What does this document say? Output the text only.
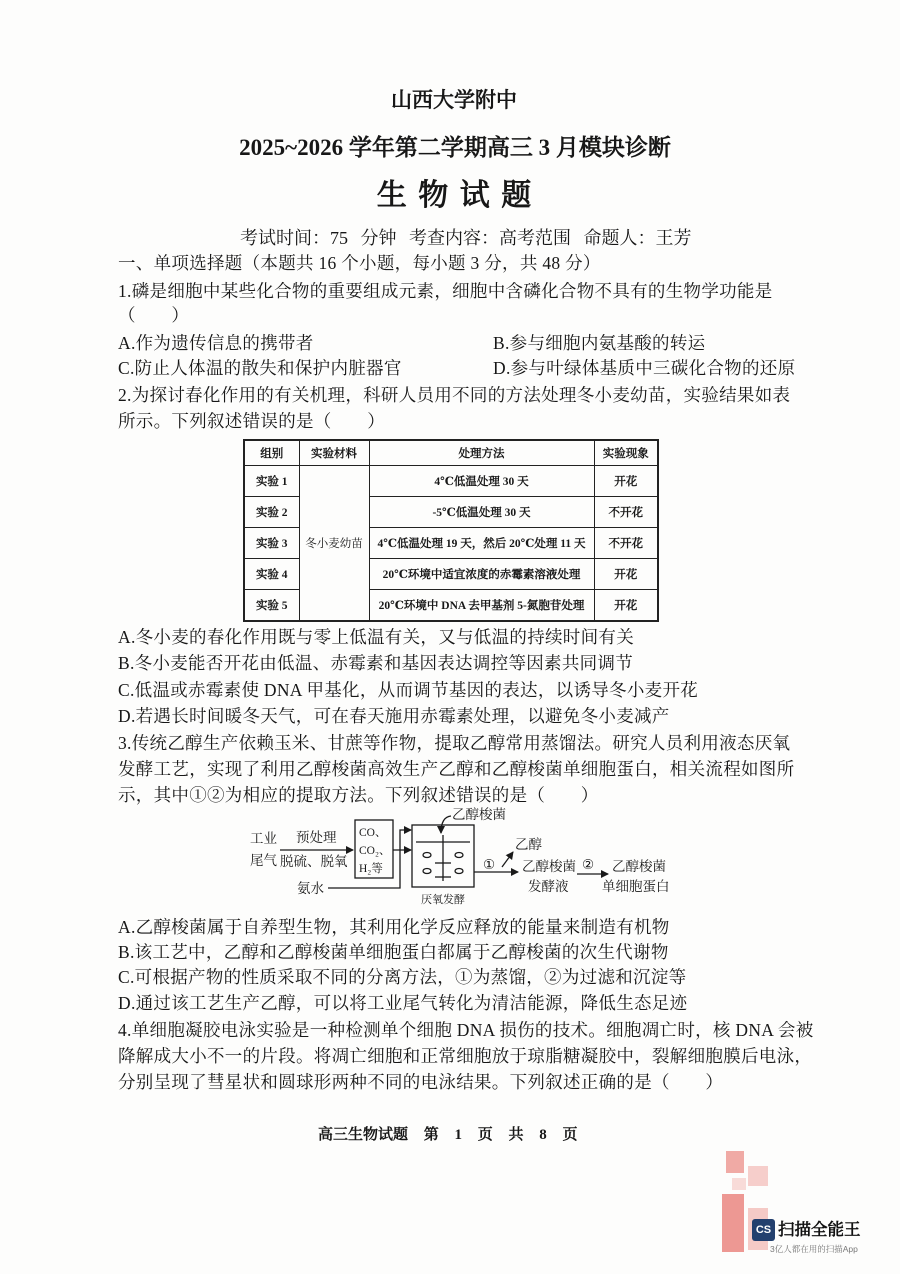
山西大学附中
2025~2026 学年第二学期高三 3 月模块诊断
生 物 试 题
考试时间：75 分钟 考查内容：高考范围 命题人：王芳
一、单项选择题（本题共 16 个小题，每小题 3 分，共 48 分）
1.磷是细胞中某些化合物的重要组成元素，细胞中含磷化合物不具有的生物学功能是
（　　）
A.作为遗传信息的携带者	B.参与细胞内氨基酸的转运
C.防止人体温的散失和保护内脏器官	D.参与叶绿体基质中三碳化合物的还原
2.为探讨春化作用的有关机理，科研人员用不同的方法处理冬小麦幼苗，实验结果如表
所示。下列叙述错误的是（　　）
组别	实验材料	处理方法	实验现象
实验 1	冬小麦幼苗	4℃低温处理 30 天	开花
实验 2		-5℃低温处理 30 天	不开花
实验 3		4℃低温处理 19 天，然后 20℃处理 11 天	不开花
实验 4		20℃环境中适宜浓度的赤霉素溶液处理	开花
实验 5		20℃环境中 DNA 去甲基剂 5-氮胞苷处理	开花
A.冬小麦的春化作用既与零上低温有关，又与低温的持续时间有关
B.冬小麦能否开花由低温、赤霉素和基因表达调控等因素共同调节
C.低温或赤霉素使 DNA 甲基化，从而调节基因的表达，以诱导冬小麦开花
D.若遇长时间暖冬天气，可在春天施用赤霉素处理，以避免冬小麦减产
3.传统乙醇生产依赖玉米、甘蔗等作物，提取乙醇常用蒸馏法。研究人员利用液态厌氧
发酵工艺，实现了利用乙醇梭菌高效生产乙醇和乙醇梭菌单细胞蛋白，相关流程如图所
示，其中①②为相应的提取方法。下列叙述错误的是（　　）
工业
尾气
预处理
脱硫、脱氧
CO、
CO₂、
H₂等
氨水
厌氧发酵
乙醇梭菌
①
乙醇
乙醇梭菌
发酵液
② 乙醇梭菌
单细胞蛋白
A.乙醇梭菌属于自养型生物，其利用化学反应释放的能量来制造有机物
B.该工艺中，乙醇和乙醇梭菌单细胞蛋白都属于乙醇梭菌的次生代谢物
C.可根据产物的性质采取不同的分离方法，①为蒸馏，②为过滤和沉淀等
D.通过该工艺生产乙醇，可以将工业尾气转化为清洁能源，降低生态足迹
4.单细胞凝胶电泳实验是一种检测单个细胞 DNA 损伤的技术。细胞凋亡时，核 DNA 会被
降解成大小不一的片段。将凋亡细胞和正常细胞放于琼脂糖凝胶中，裂解细胞膜后电泳，
分别呈现了彗星状和圆球形两种不同的电泳结果。下列叙述正确的是（　　）
高三生物试题 第 1 页 共 8 页
CS 扫描全能王
3亿人都在用的扫描App
